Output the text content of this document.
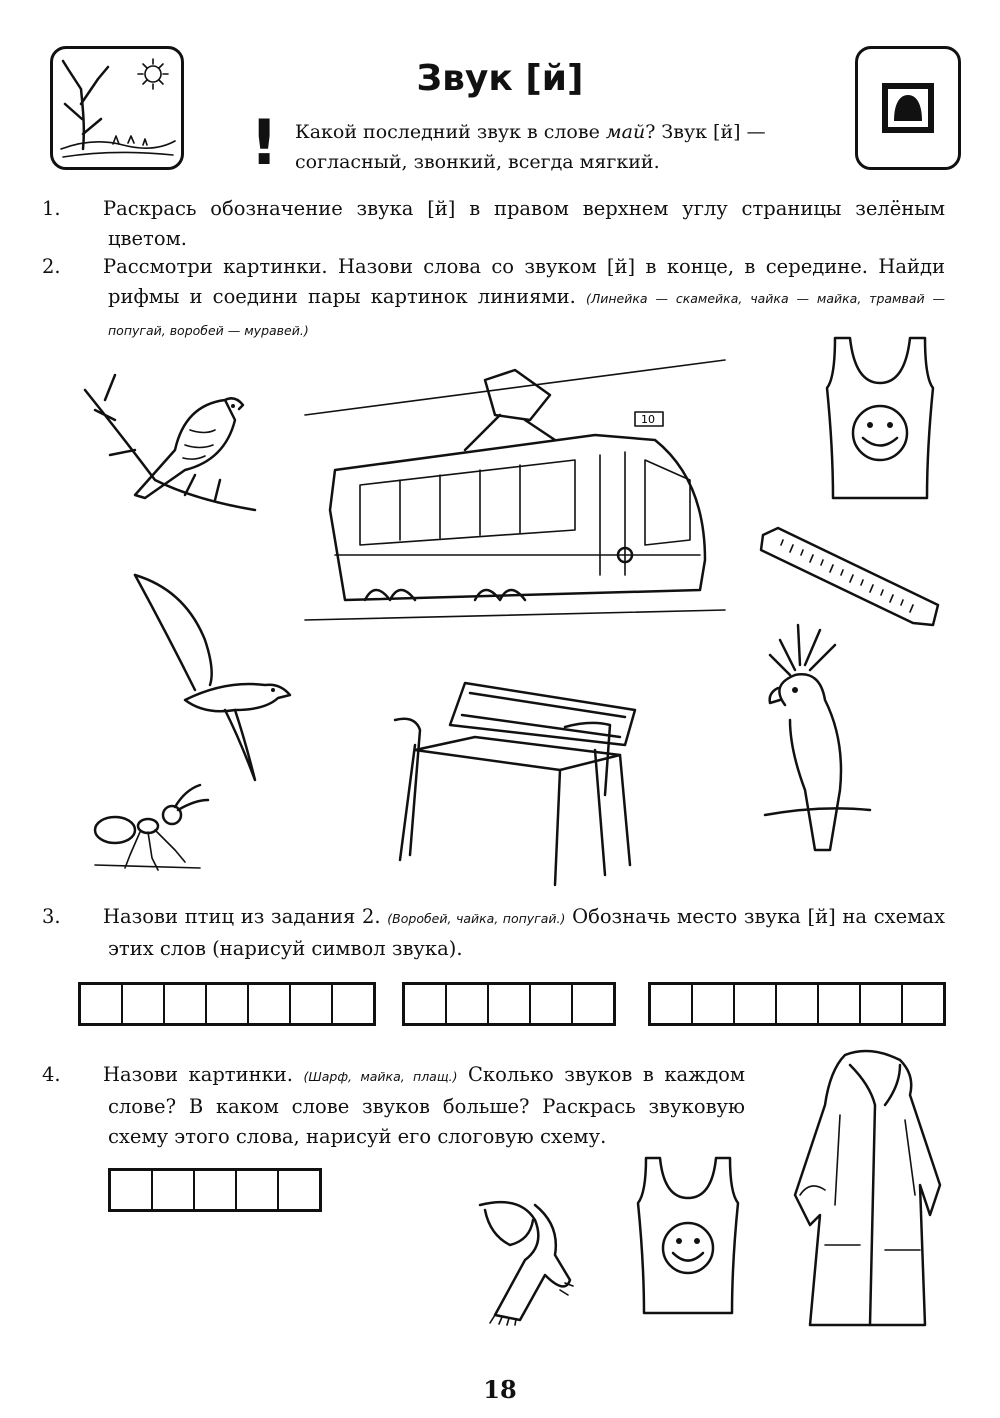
Звук [й]
! Какой последний звук в слове май? Звук [й] — согласный, звонкий, всегда мягкий.
1. Раскрась обозначение звука [й] в правом верхнем углу страницы зелёным цветом.
2. Рассмотри картинки. Назови слова со звуком [й] в конце, в середине. Найди рифмы и соедини пары картинок линиями. (Линейка — скамейка, чайка — майка, трамвай — попугай, воробей — муравей.)
10
3. Назови птиц из задания 2. (Воробей, чайка, попугай.) Обозначь место звука [й] на схемах этих слов (нарисуй символ звука).
4. Назови картинки. (Шарф, майка, плащ.) Сколько звуков в каждом слове? В каком слове звуков больше? Раскрась звуковую схему этого слова, нарисуй его слоговую схему.
18
